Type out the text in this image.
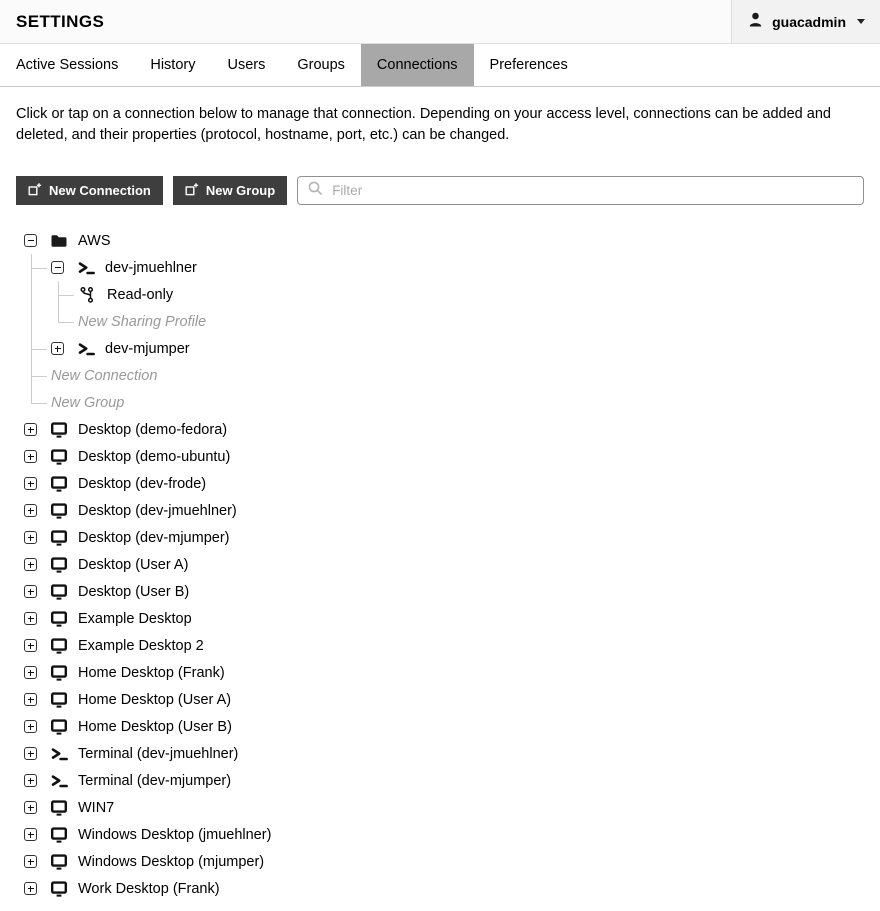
SETTINGS	guacadmin
Active Sessions	History	Users	Groups	Connections	Preferences

Click or tap on a connection below to manage that connection. Depending on your access level, connections can be added and deleted, and their properties (protocol, hostname, port, etc.) can be changed.

New Connection	New Group
Filter
AWS
dev-jmuehlner
Read-only
New Sharing Profile
dev-mjumper
New Connection
New Group
Desktop (demo-fedora)
Desktop (demo-ubuntu)
Desktop (dev-frode)
Desktop (dev-jmuehlner)
Desktop (dev-mjumper)
Desktop (User A)
Desktop (User B)
Example Desktop
Example Desktop 2
Home Desktop (Frank)
Home Desktop (User A)
Home Desktop (User B)
Terminal (dev-jmuehlner)
Terminal (dev-mjumper)
WIN7
Windows Desktop (jmuehlner)
Windows Desktop (mjumper)
Work Desktop (Frank)
